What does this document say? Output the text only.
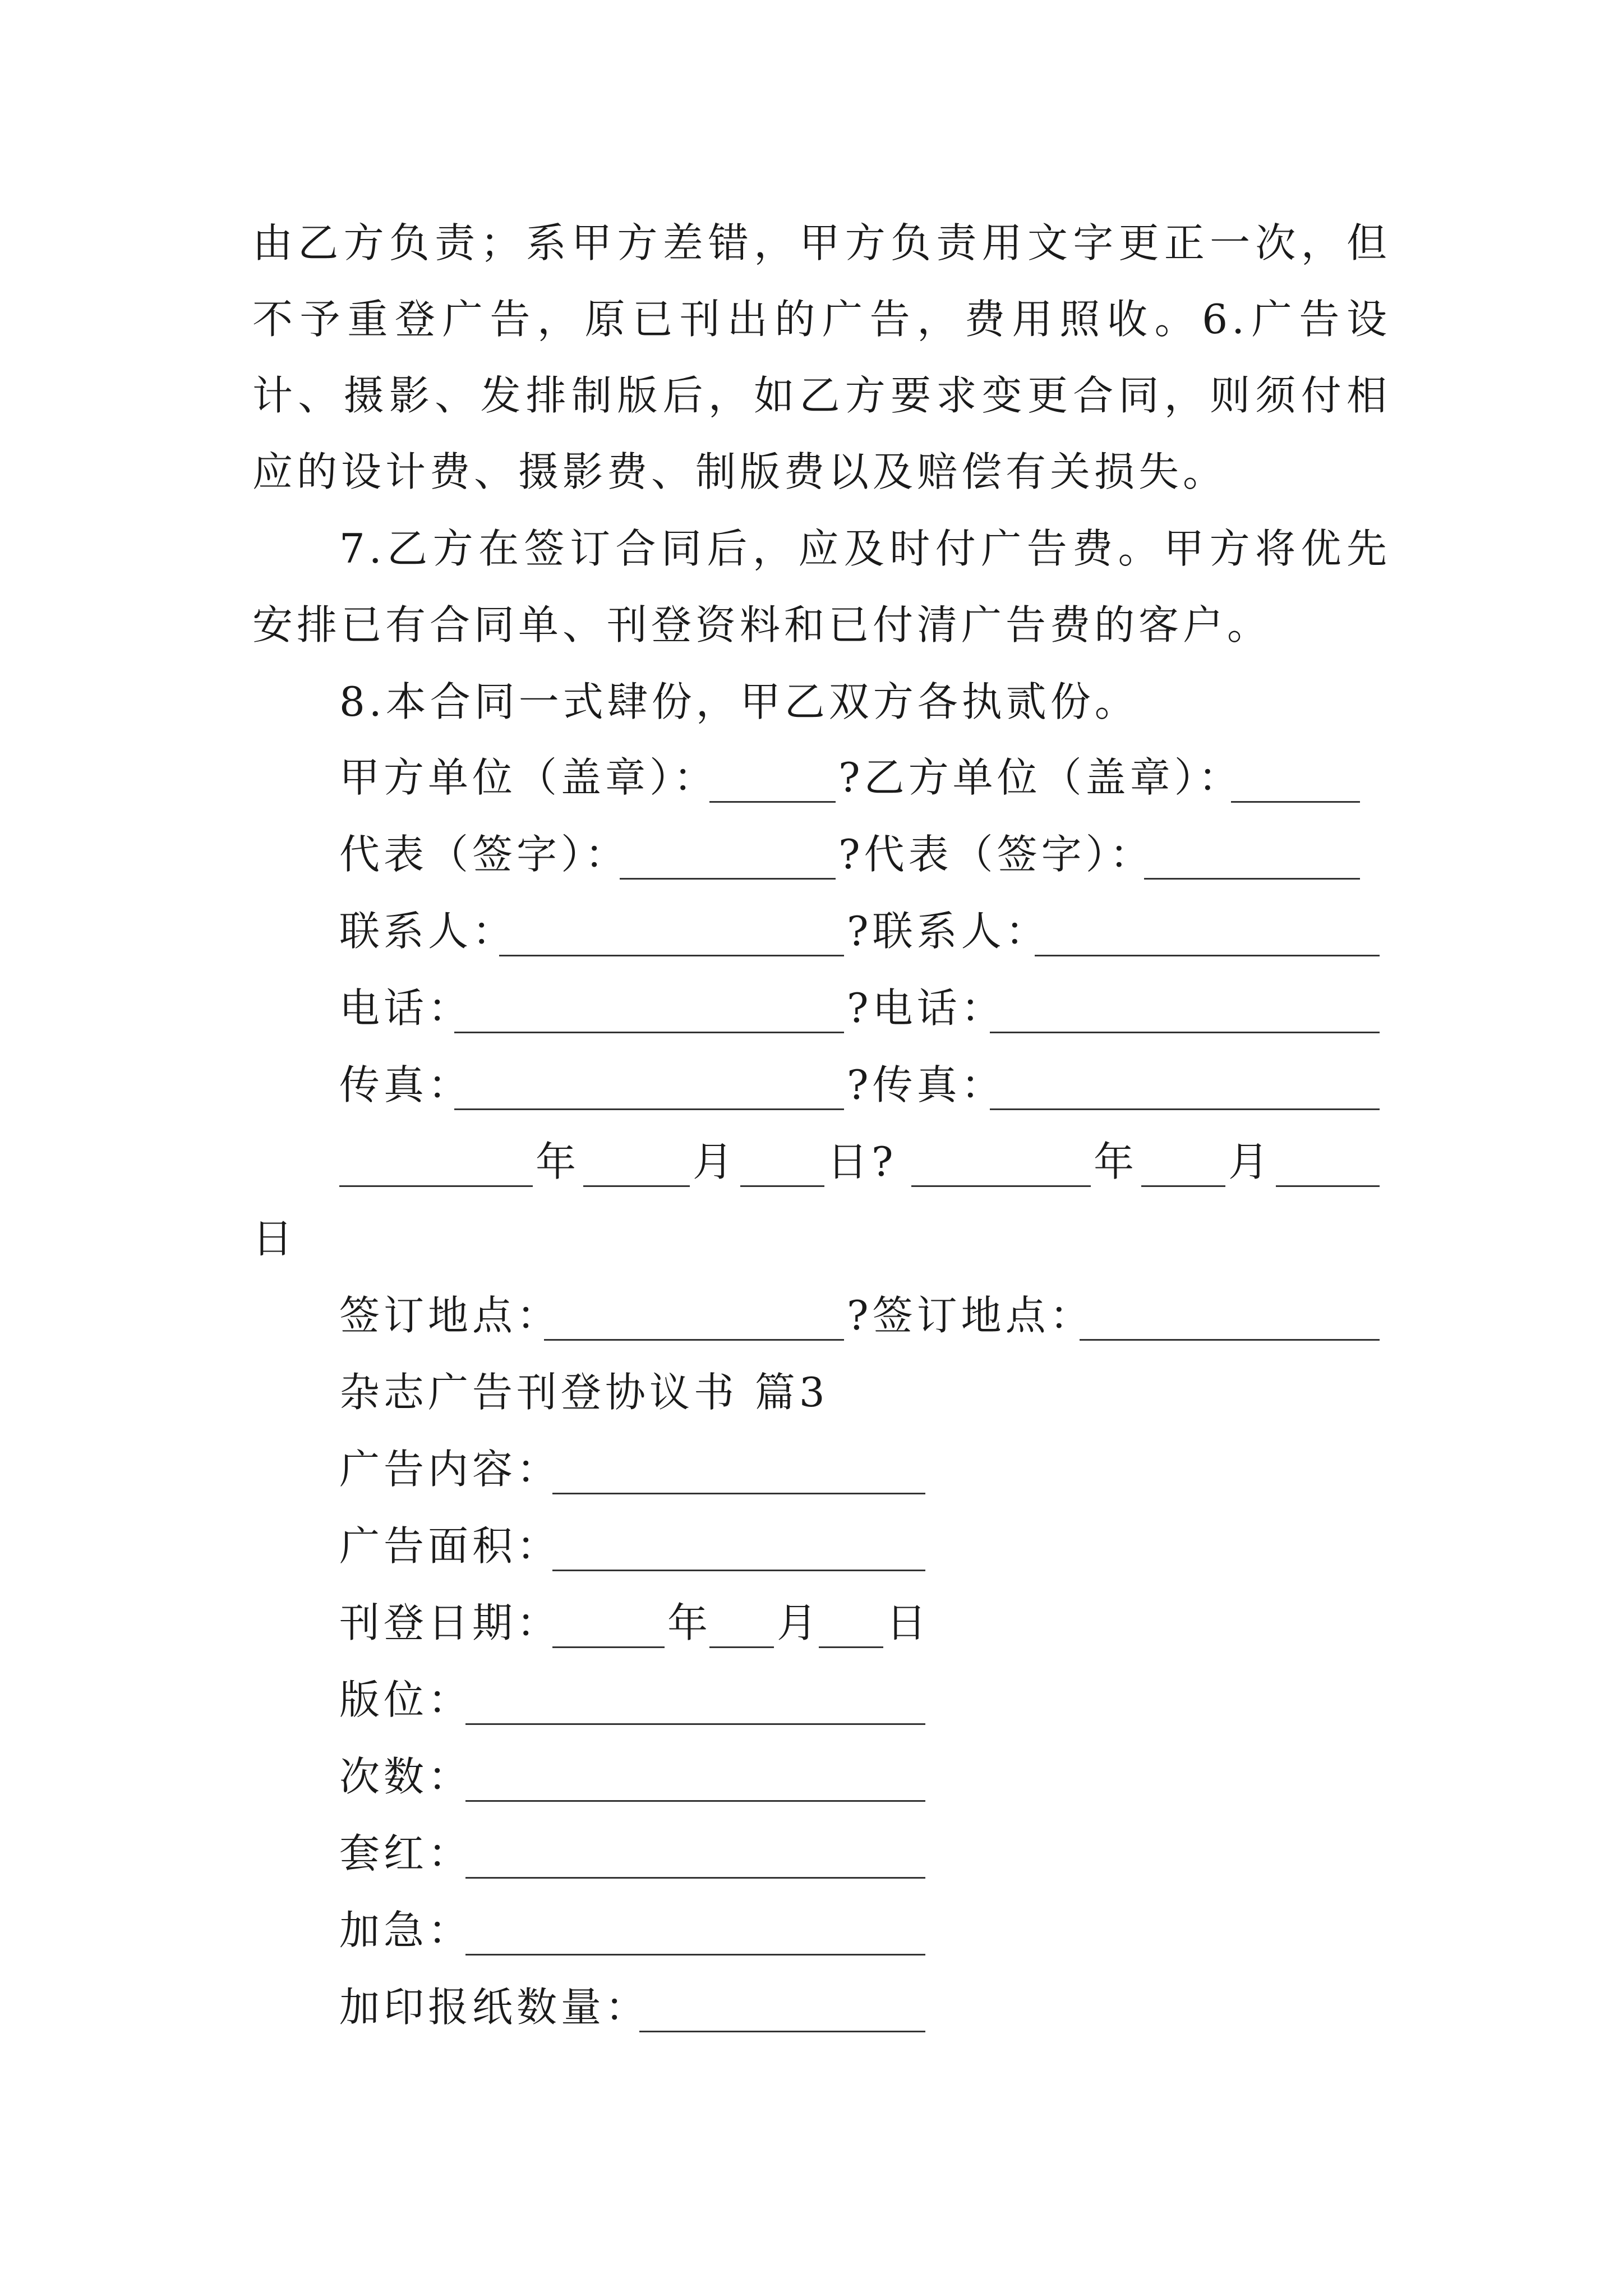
由乙方负责；系甲方差错，甲方负责用文字更正一次，但不予重登广告，原已刊出的广告，费用照收。6.广告设计、摄影、发排制版后，如乙方要求变更合同，则须付相应的设计费、摄影费、制版费以及赔偿有关损失。

7.乙方在签订合同后，应及时付广告费。甲方将优先安排已有合同单、刊登资料和已付清广告费的客户。

8.本合同一式肆份，甲乙双方各执贰份。

甲方单位（盖章）：	?乙方单位（盖章）：
代表（签字）：	?代表（签字）：
联系人：	?联系人：
电话：	?电话：
传真：	?传真：
年	月 日?	年 月
日
签订地点：	?签订地点：
杂志广告刊登协议书 篇3
广告内容：
广告面积：
刊登日期：	年 月 日
版位：
次数：
套红：
加急：
加印报纸数量：
